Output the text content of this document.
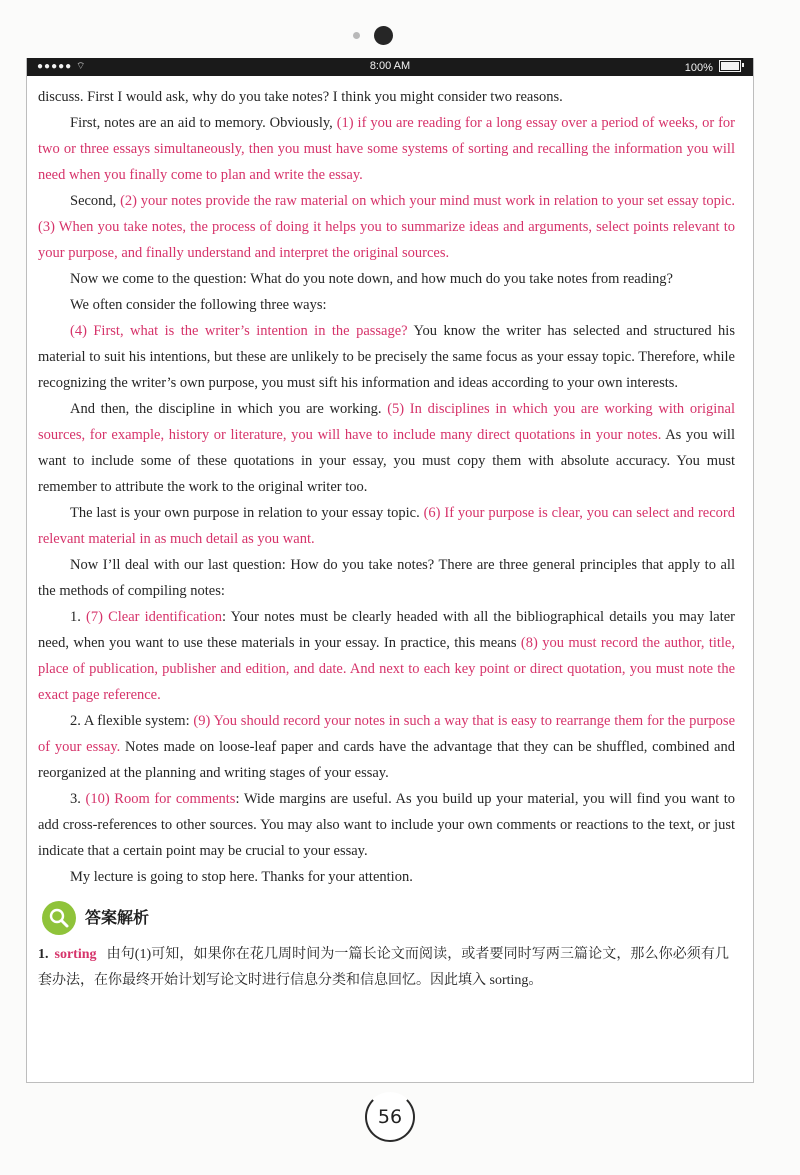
●●●●● ⌔	8:00 AM	100%

discuss. First I would ask, why do you take notes? I think you might consider two reasons.

First, notes are an aid to memory. Obviously, (1) if you are reading for a long essay over a period of weeks, or for two or three essays simultaneously, then you must have some systems of sorting and recalling the information you will need when you finally come to plan and write the essay.

Second, (2) your notes provide the raw material on which your mind must work in relation to your set essay topic. (3) When you take notes, the process of doing it helps you to summarize ideas and arguments, select points relevant to your purpose, and finally understand and interpret the original sources.

Now we come to the question: What do you note down, and how much do you take notes from reading?

We often consider the following three ways:

(4) First, what is the writer’s intention in the passage? You know the writer has selected and structured his material to suit his intentions, but these are unlikely to be precisely the same focus as your essay topic. Therefore, while recognizing the writer’s own purpose, you must sift his information and ideas according to your own interests.

And then, the discipline in which you are working. (5) In disciplines in which you are working with original sources, for example, history or literature, you will have to include many direct quotations in your notes. As you will want to include some of these quotations in your essay, you must copy them with absolute accuracy. You must remember to attribute the work to the original writer too.

The last is your own purpose in relation to your essay topic. (6) If your purpose is clear, you can select and record relevant material in as much detail as you want.

Now I’ll deal with our last question: How do you take notes? There are three general principles that apply to all the methods of compiling notes:

1. (7) Clear identification: Your notes must be clearly headed with all the bibliographical details you may later need, when you want to use these materials in your essay. In practice, this means (8) you must record the author, title, place of publication, publisher and edition, and date. And next to each key point or direct quotation, you must note the exact page reference.

2. A flexible system: (9) You should record your notes in such a way that is easy to rearrange them for the purpose of your essay. Notes made on loose-leaf paper and cards have the advantage that they can be shuffled, combined and reorganized at the planning and writing stages of your essay.

3. (10) Room for comments: Wide margins are useful. As you build up your material, you will find you want to add cross-references to other sources. You may also want to include your own comments or reactions to the text, or just indicate that a certain point may be crucial to your essay.

My lecture is going to stop here. Thanks for your attention.

答案解析
1. sorting 由句(1)可知，如果你在花几周时间为一篇长论文而阅读，或者要同时写两三篇论文，那么你必须有几套办法，在你最终开始计划写论文时进行信息分类和信息回忆。因此填入 sorting。
56
